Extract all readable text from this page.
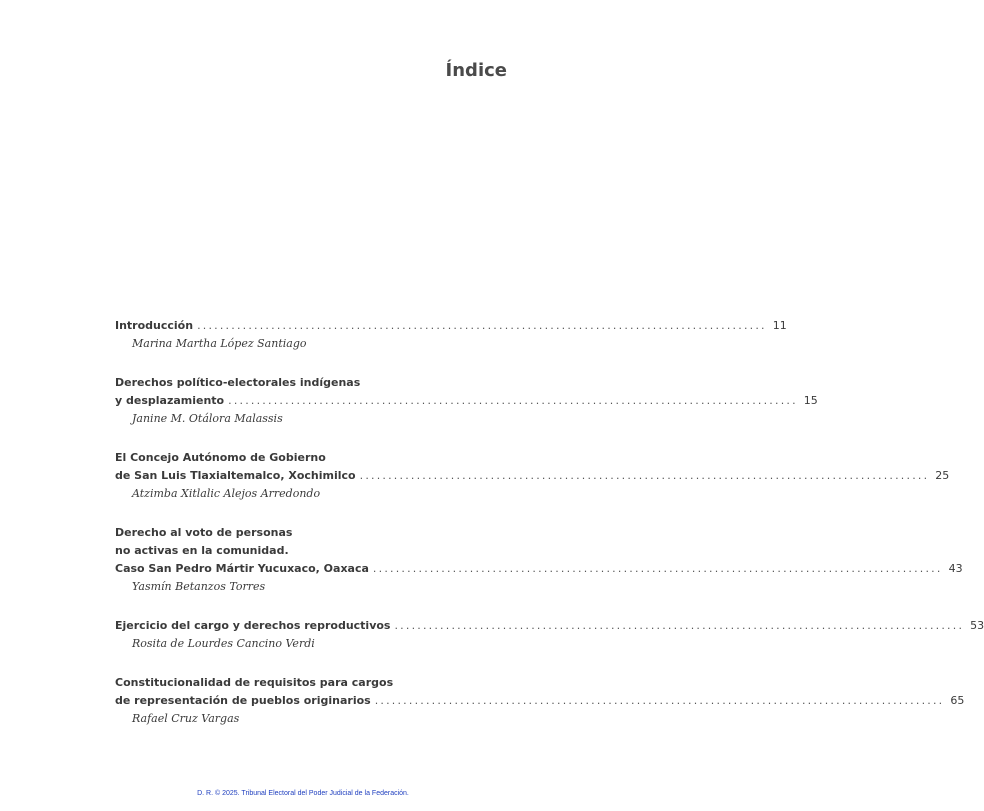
Índice
Introducción .................................................................................................... 11
Marina Martha López Santiago
Derechos político-electorales indígenas
y desplazamiento .................................................................................................... 15
Janine M. Otálora Malassis
El Concejo Autónomo de Gobierno
de San Luis Tlaxialtemalco, Xochimilco .................................................................................................... 25
Atzimba Xitlalic Alejos Arredondo
Derecho al voto de personas
no activas en la comunidad.
Caso San Pedro Mártir Yucuxaco, Oaxaca .................................................................................................... 43
Yasmín Betanzos Torres
Ejercicio del cargo y derechos reproductivos .................................................................................................... 53
Rosita de Lourdes Cancino Verdi
Constitucionalidad de requisitos para cargos
de representación de pueblos originarios .................................................................................................... 65
Rafael Cruz Vargas
D. R. © 2025. Tribunal Electoral del Poder Judicial de la Federación.
